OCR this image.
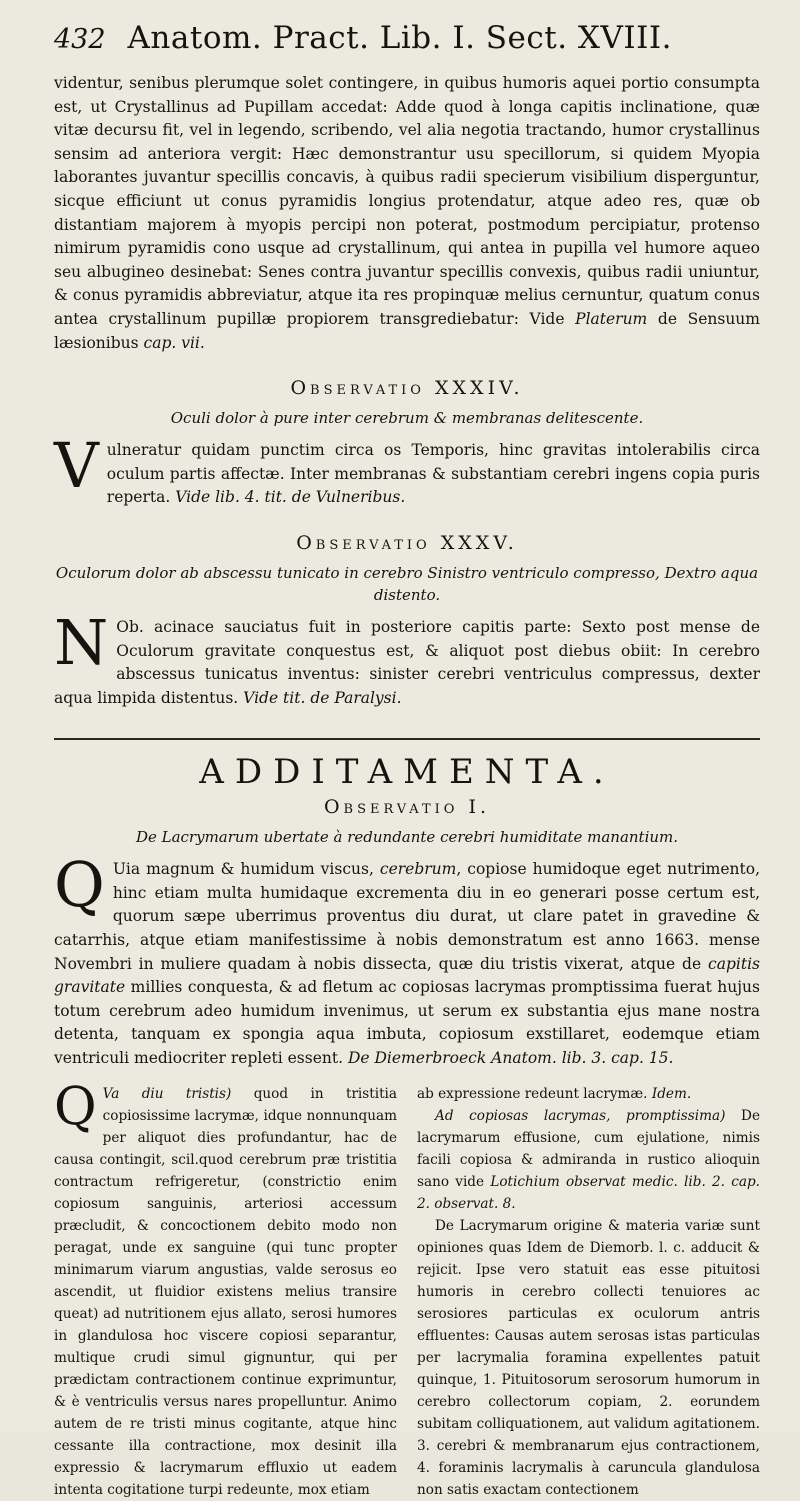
432 Anatom. Pract. Lib. I. Sect. XVIII.

videntur, senibus plerumque solet contingere, in quibus humoris aquei portio consumpta est, ut Crystallinus ad Pupillam accedat: Adde quod à longa capitis inclinatione, quæ vitæ decursu fit, vel in legendo, scribendo, vel alia negotia tractando, humor crystallinus sensim ad anteriora vergit: Hæc demonstrantur usu specillorum, si quidem Myopia laborantes juvantur specillis concavis, à quibus radii specierum visibilium disperguntur, sicque efficiunt ut conus pyramidis longius protendatur, atque adeo res, quæ ob distantiam majorem à myopis percipi non poterat, postmodum percipiatur, protenso nimirum pyramidis cono usque ad crystallinum, qui antea in pupilla vel humore aqueo seu albugineo desinebat: Senes contra juvantur specillis convexis, quibus radii uniuntur, & conus pyramidis abbreviatur, atque ita res propinquæ melius cernuntur, quatum conus antea crystallinum pupillæ propiorem transgrediebatur: Vide Platerum de Sensuum læsionibus cap. vii.

Observatio XXXIV.
Oculi dolor à pure inter cerebrum & membranas delitescente.

V ulneratur quidam punctim circa os Temporis, hinc gravitas intolerabilis circa oculum partis affectæ. Inter membranas & substantiam cerebri ingens copia puris reperta. Vide lib. 4. tit. de Vulneribus.

Observatio XXXV.
Oculorum dolor ab abscessu tunicato in cerebro Sinistro ventriculo compresso, Dextro aqua distento.

N Ob. acinace sauciatus fuit in posteriore capitis parte: Sexto post mense de Oculorum gravitate conquestus est, & aliquot post diebus obiit: In cerebro abscessus tunicatus inventus: sinister cerebri ventriculus compressus, dexter aqua limpida distentus. Vide tit. de Paralysi.

ADDITAMENTA.
Observatio I.
De Lacrymarum ubertate à redundante cerebri humiditate manantium.

Q Uia magnum & humidum viscus, cerebrum, copiose humidoque eget nutrimento, hinc etiam multa humidaque excrementa diu in eo generari posse certum est, quorum sæpe uberrimus proventus diu durat, ut clare patet in gravedine & catarrhis, atque etiam manifestissime à nobis demonstratum est anno 1663. mense Novembri in muliere quadam à nobis dissecta, quæ diu tristis vixerat, atque de capitis gravitate millies conquesta, & ad fletum ac copiosas lacrymas promptissima fuerat hujus totum cerebrum adeo humidum invenimus, ut serum ex substantia ejus mane nostra detenta, tanquam ex spongia aqua imbuta, copiosum exstillaret, eodemque etiam ventriculi mediocriter repleti essent. De Diemerbroeck Anatom. lib. 3. cap. 15.

Q Va diu tristis) quod in tristitia copiosissime lacrymæ, idque nonnunquam per aliquot dies profundantur, hac de causa contingit, scil.quod cerebrum præ tristitia contractum refrigeretur, (constrictio enim copiosum sanguinis, arteriosi accessum præcludit, & concoctionem debito modo non peragat, unde ex sanguine (qui tunc propter minimarum viarum angustias, valde serosus eo ascendit, ut fluidior existens melius transire queat) ad nutritionem ejus allato, serosi humores in glandulosa hoc viscere copiosi separantur, multique crudi simul gignuntur, qui per prædictam contractionem continue exprimuntur, & è ventriculis versus nares propelluntur. Animo autem de re tristi minus cogitante, atque hinc cessante illa contractione, mox desinit illa expressio & lacrymarum effluxio ut eadem intenta cogitatione turpi redeunte, mox etiam

ab expressione redeunt lacrymæ. Idem.

Ad copiosas lacrymas, promptissima) De lacrymarum effusione, cum ejulatione, nimis facili copiosa & admiranda in rustico alioquin sano vide Lotichium observat medic. lib. 2. cap. 2. observat. 8.

De Lacrymarum origine & materia variæ sunt opiniones quas Idem de Diemorb. l. c. adducit & rejicit. Ipse vero statuit eas esse pituitosi humoris in cerebro collecti tenuiores ac serosiores particulas ex oculorum antris effluentes: Causas autem serosas istas particulas per lacrymalia foramina expellentes patuit quinque, 1. Pituitosorum serosorum humorum in cerebro collectorum copiam, 2. eorundem subitam colliquationem, aut validum agitationem. 3. cerebri & membranarum ejus contractionem, 4. foraminis lacrymalis à caruncula glandulosa non satis exactam contectionem
